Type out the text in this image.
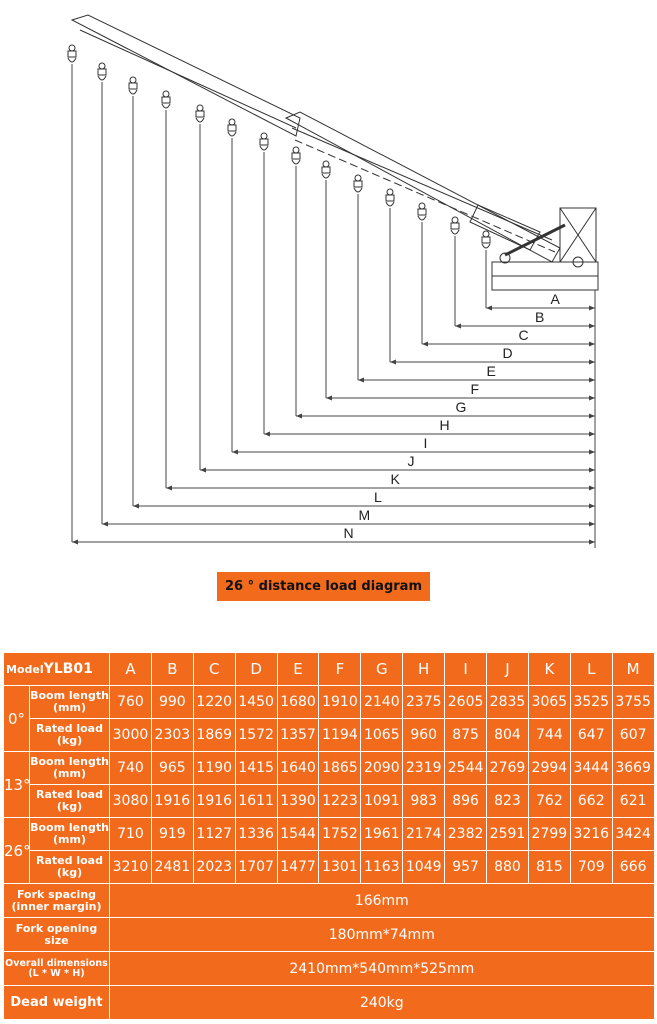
A
B
C
D
E
F
G
H
I
J
K
L
M
N
26 ° distance load diagram
ModelYLB01		A	B	C	D	E	F	G	H	I	J	K	L	M
0°	Boom length (mm)	760	990	1220	1450	1680	1910	2140	2375	2605	2835	3065	3525	3755
	Rated load (kg)	3000	2303	1869	1572	1357	1194	1065	960	875	804	744	647	607
13°	Boom length (mm)	740	965	1190	1415	1640	1865	2090	2319	2544	2769	2994	3444	3669
	Rated load (kg)	3080	1916	1916	1611	1390	1223	1091	983	896	823	762	662	621
26°	Boom length (mm)	710	919	1127	1336	1544	1752	1961	2174	2382	2591	2799	3216	3424
	Rated load (kg)	3210	2481	2023	1707	1477	1301	1163	1049	957	880	815	709	666
Fork spacing (inner margin)		166mm												
Fork opening size		180mm*74mm												
Overall dimensions (L * W * H)		2410mm*540mm*525mm												
Dead weight		240kg												
